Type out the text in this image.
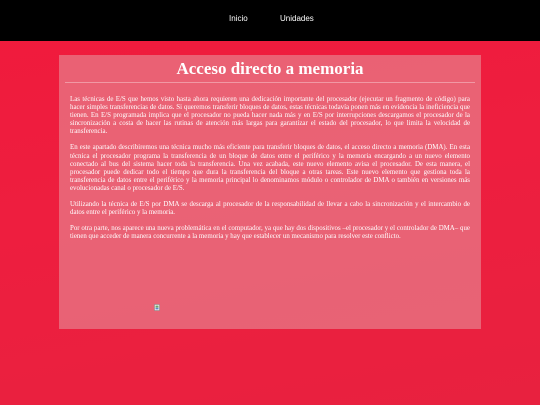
Inicio	Unidades
Acceso directo a memoria

Las técnicas de E/S que hemos visto hasta ahora requieren una dedicación importante del procesador (ejecutar un fragmento de código) para hacer simples transferencias de datos. Si queremos transferir bloques de datos, estas técnicas todavía ponen más en evidencia la ineficiencia que tienen. En E/S programada implica que el procesador no pueda hacer nada más y en E/S por interrupciones descargamos el procesador de la sincronización a costa de hacer las rutinas de atención más largas para garantizar el estado del procesador, lo que limita la velocidad de transferencia.

En este apartado describiremos una técnica mucho más eficiente para transferir bloques de datos, el acceso directo a memoria (DMA). En esta técnica el procesador programa la transferencia de un bloque de datos entre el periférico y la memoria encargando a un nuevo elemento conectado al bus del sistema hacer toda la transferencia. Una vez acabada, este nuevo elemento avisa el procesador. De esta manera, el procesador puede dedicar todo el tiempo que dura la transferencia del bloque a otras tareas. Este nuevo elemento que gestiona toda la transferencia de datos entre el periférico y la memoria principal lo denominamos módulo o controlador de DMA o también en versiones más evolucionadas canal o procesador de E/S.

Utilizando la técnica de E/S por DMA se descarga al procesador de la responsabilidad de llevar a cabo la sincronización y el intercambio de datos entre el periférico y la memoria.

Por otra parte, nos aparece una nueva problemática en el computador, ya que hay dos dispositivos –el procesador y el controlador de DMA– que tienen que acceder de manera concurrente a la memoria y hay que establecer un mecanismo para resolver este conflicto.
